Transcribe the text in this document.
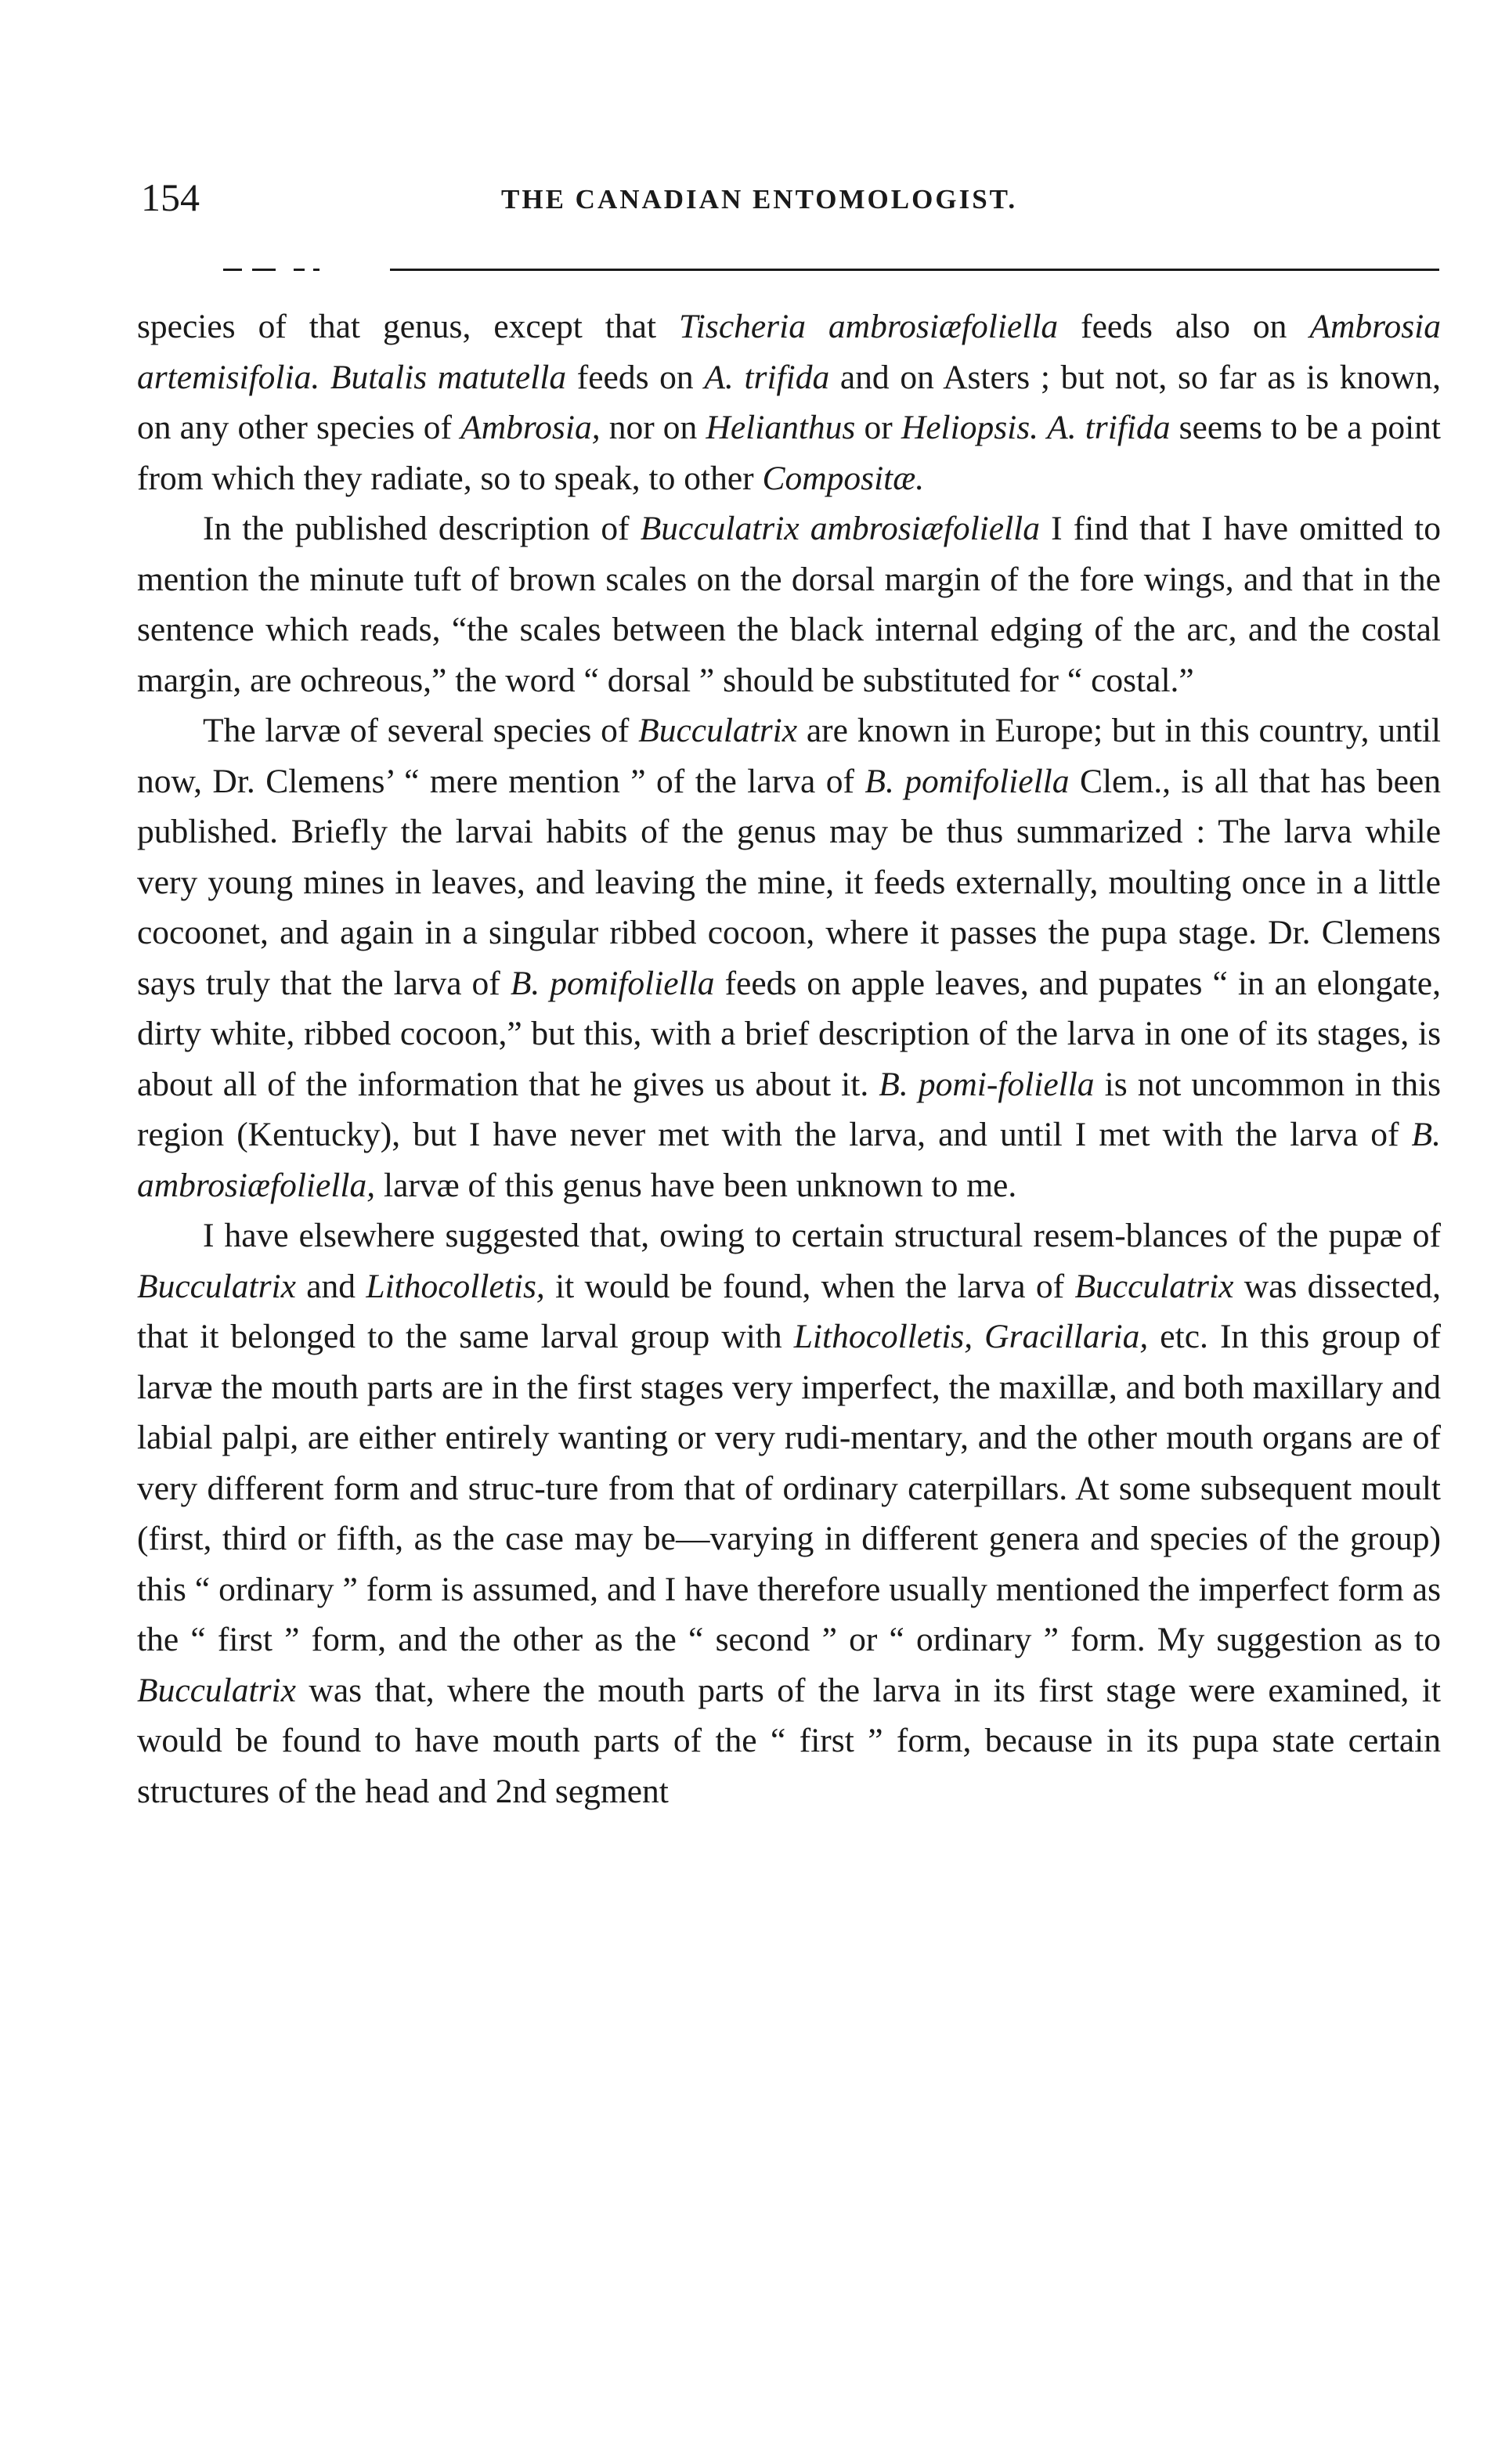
154	THE CANADIAN ENTOMOLOGIST.

species of that genus, except that Tischeria ambrosiæfoliella feeds also on Ambrosia artemisifolia. Butalis matutella feeds on A. trifida and on Asters ; but not, so far as is known, on any other species of Ambrosia, nor on Helianthus or Heliopsis. A. trifida seems to be a point from which they radiate, so to speak, to other Compositæ.

In the published description of Bucculatrix ambrosiæfoliella I find that I have omitted to mention the minute tuft of brown scales on the dorsal margin of the fore wings, and that in the sentence which reads, “the scales between the black internal edging of the arc, and the costal margin, are ochreous,” the word “ dorsal ” should be substituted for “ costal.”

The larvæ of several species of Bucculatrix are known in Europe; but in this country, until now, Dr. Clemens’ “ mere mention ” of the larva of B. pomifoliella Clem., is all that has been published. Briefly the larvai habits of the genus may be thus summarized : The larva while very young mines in leaves, and leaving the mine, it feeds externally, moulting once in a little cocoonet, and again in a singular ribbed cocoon, where it passes the pupa stage. Dr. Clemens says truly that the larva of B. pomifoliella feeds on apple leaves, and pupates “ in an elongate, dirty white, ribbed cocoon,” but this, with a brief description of the larva in one of its stages, is about all of the information that he gives us about it. B. pomi-foliella is not uncommon in this region (Kentucky), but I have never met with the larva, and until I met with the larva of B. ambrosiæfoliella, larvæ of this genus have been unknown to me.

I have elsewhere suggested that, owing to certain structural resem-blances of the pupæ of Bucculatrix and Lithocolletis, it would be found, when the larva of Bucculatrix was dissected, that it belonged to the same larval group with Lithocolletis, Gracillaria, etc. In this group of larvæ the mouth parts are in the first stages very imperfect, the maxillæ, and both maxillary and labial palpi, are either entirely wanting or very rudi-mentary, and the other mouth organs are of very different form and struc-ture from that of ordinary caterpillars. At some subsequent moult (first, third or fifth, as the case may be—varying in different genera and species of the group) this “ ordinary ” form is assumed, and I have therefore usually mentioned the imperfect form as the “ first ” form, and the other as the “ second ” or “ ordinary ” form. My suggestion as to Bucculatrix was that, where the mouth parts of the larva in its first stage were examined, it would be found to have mouth parts of the “ first ” form, because in its pupa state certain structures of the head and 2nd segment
